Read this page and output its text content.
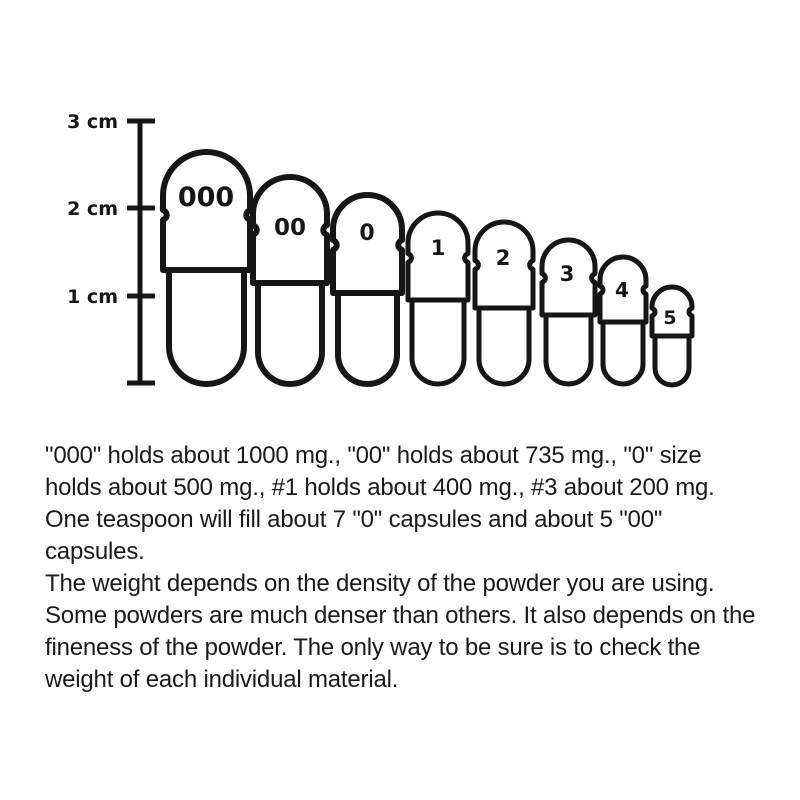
3 cm
2 cm
1 cm
000
00 0
1 2
3
4
5
"000" holds about 1000 mg., "00" holds about 735 mg., "0" size
holds about 500 mg., #1 holds about 400 mg., #3 about 200 mg.
One teaspoon will fill about 7 "0" capsules and about 5 "00"
capsules.
The weight depends on the density of the powder you are using.
Some powders are much denser than others. It also depends on the
fineness of the powder. The only way to be sure is to check the
weight of each individual material.
